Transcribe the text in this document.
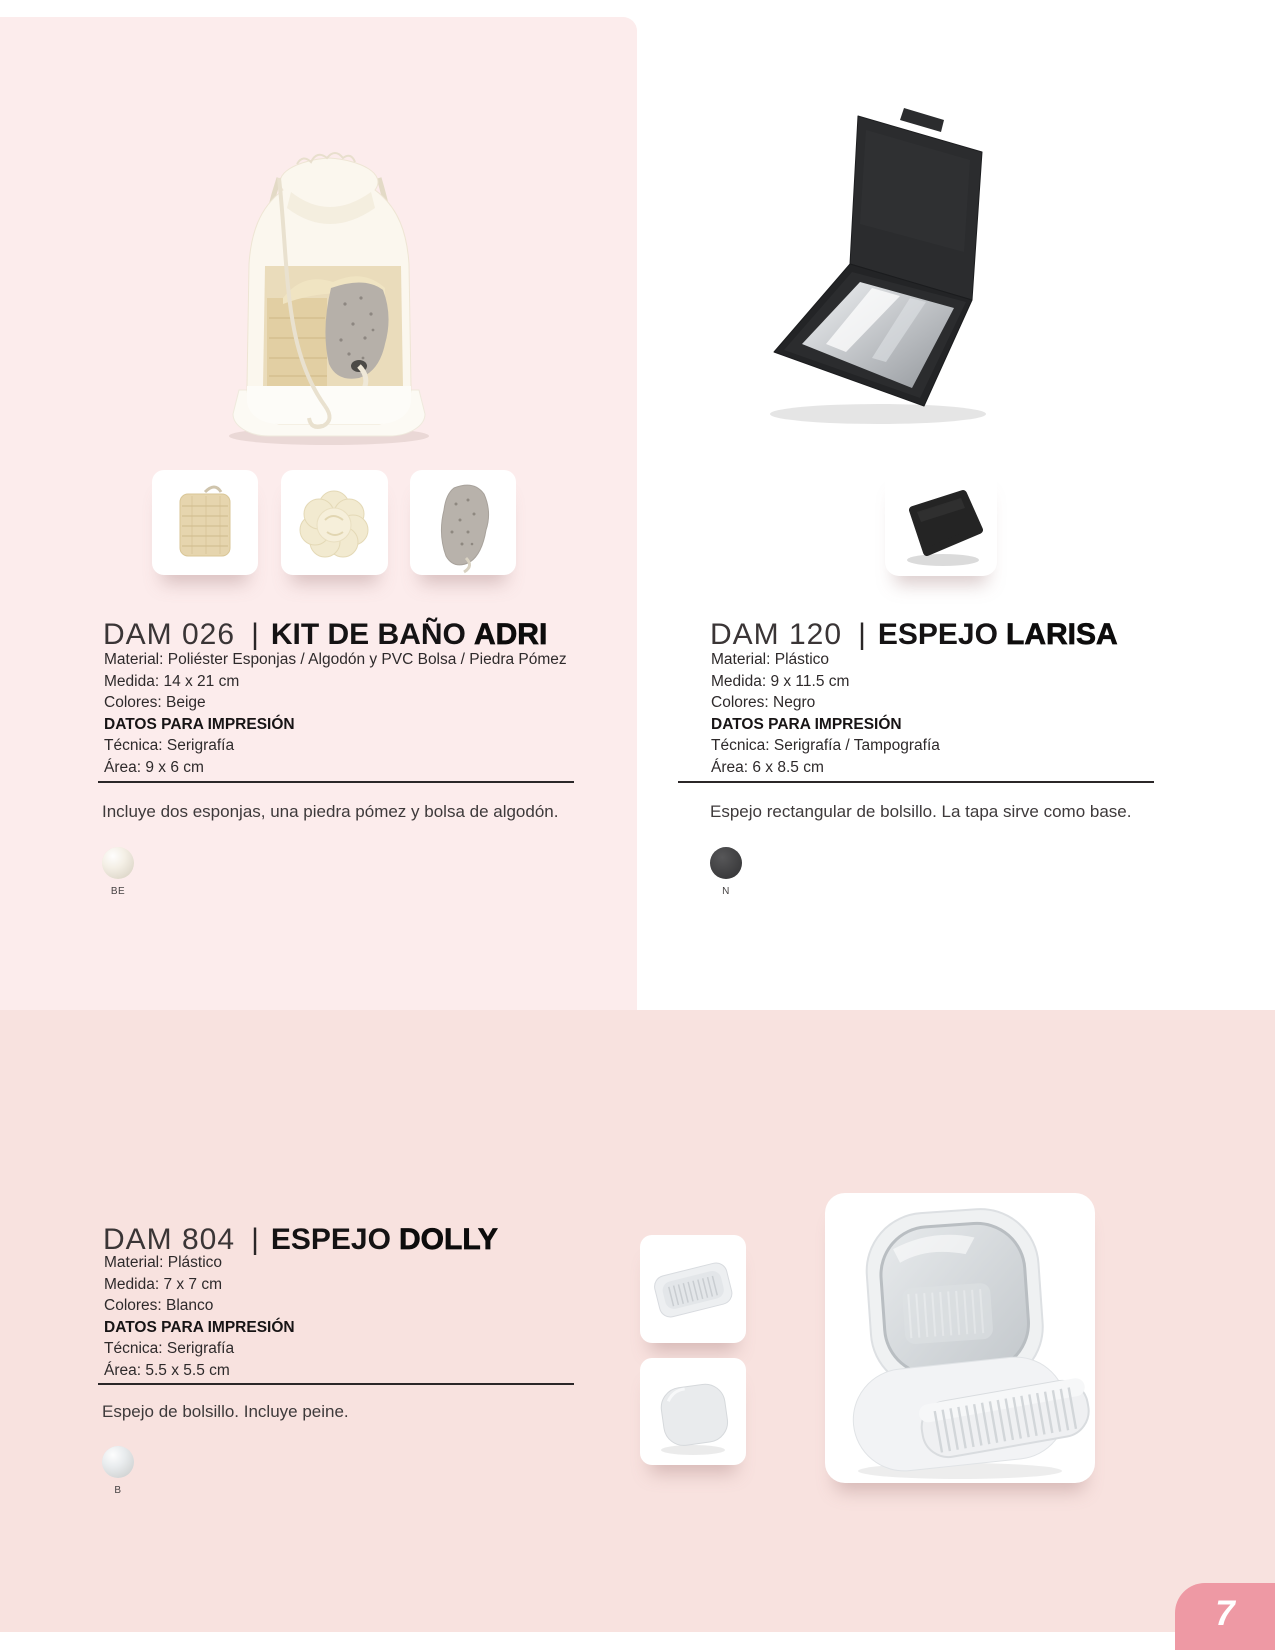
DAM 026 | KIT DE BAÑO ADRI
Material: Poliéster Esponjas / Algodón y PVC Bolsa / Piedra Pómez
Medida: 14 x 21 cm
Colores: Beige
DATOS PARA IMPRESIÓN
Técnica: Serigrafía
Área: 9 x 6 cm

Incluye dos esponjas, una piedra pómez y bolsa de algodón.

BE
DAM 120 | ESPEJO LARISA
Material: Plástico
Medida: 9 x 11.5 cm
Colores: Negro
DATOS PARA IMPRESIÓN
Técnica: Serigrafía / Tampografía
Área: 6 x 8.5 cm

Espejo rectangular de bolsillo. La tapa sirve como base.

N
DAM 804 | ESPEJO DOLLY
Material: Plástico
Medida: 7 x 7 cm
Colores: Blanco
DATOS PARA IMPRESIÓN
Técnica: Serigrafía
Área: 5.5 x 5.5 cm

Espejo de bolsillo. Incluye peine.

B
7
